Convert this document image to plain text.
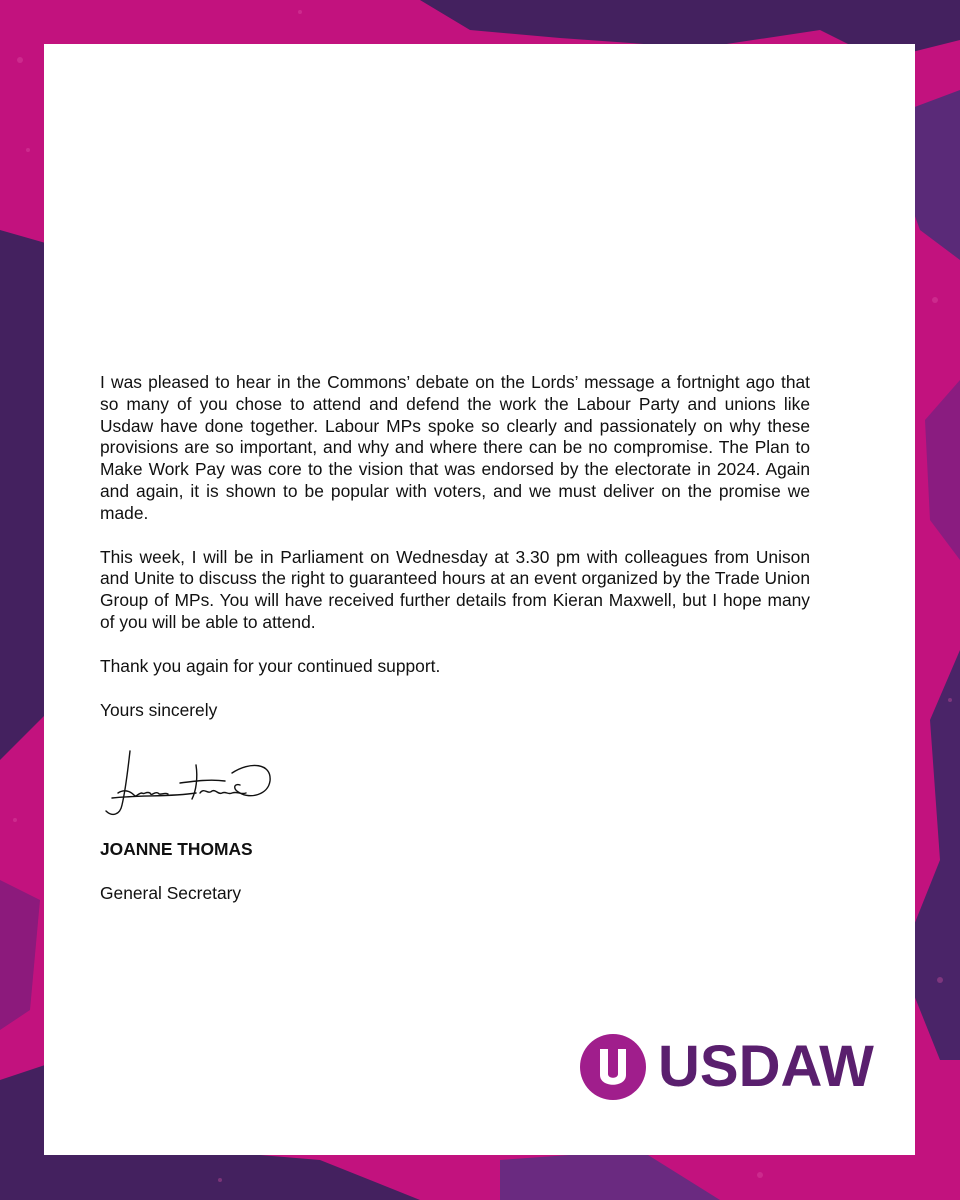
I was pleased to hear in the Commons’ debate on the Lords’ message a fortnight ago that so many of you chose to attend and defend the work the Labour Party and unions like Usdaw have done together. Labour MPs spoke so clearly and passionately on why these provisions are so important, and why and where there can be no compromise. The Plan to Make Work Pay was core to the vision that was endorsed by the electorate in 2024. Again and again, it is shown to be popular with voters, and we must deliver on the promise we made.

This week, I will be in Parliament on Wednesday at 3.30 pm with colleagues from Unison and Unite to discuss the right to guaranteed hours at an event organized by the Trade Union Group of MPs. You will have received further details from Kieran Maxwell, but I hope many of you will be able to attend.

Thank you again for your continued support.

Yours sincerely

JOANNE THOMAS

General Secretary

USDAW
